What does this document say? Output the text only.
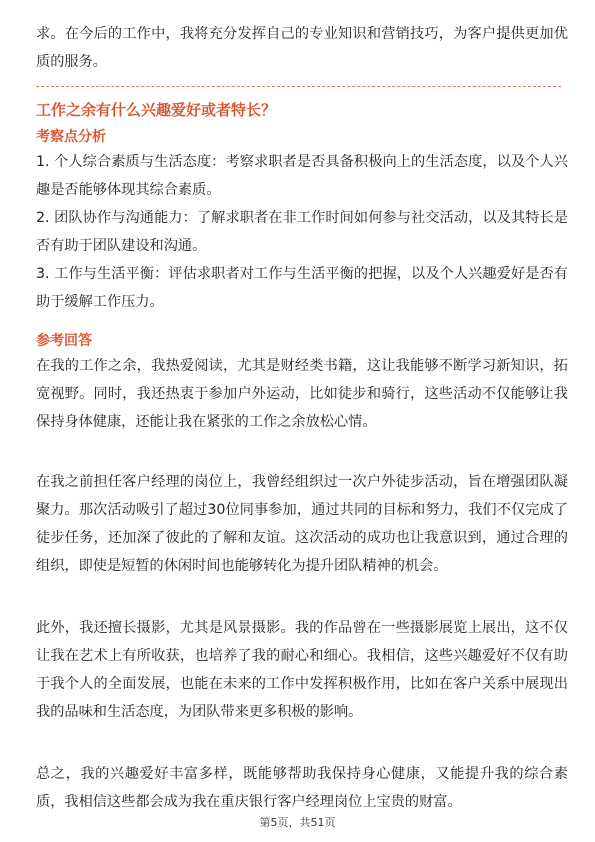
求。在今后的工作中，我将充分发挥自己的专业知识和营销技巧，为客户提供更加优质的服务。

工作之余有什么兴趣爱好或者特长？
考察点分析

1. 个人综合素质与生活态度：考察求职者是否具备积极向上的生活态度，以及个人兴趣是否能够体现其综合素质。

2. 团队协作与沟通能力：了解求职者在非工作时间如何参与社交活动，以及其特长是否有助于团队建设和沟通。

3. 工作与生活平衡：评估求职者对工作与生活平衡的把握，以及个人兴趣爱好是否有助于缓解工作压力。

参考回答

在我的工作之余，我热爱阅读，尤其是财经类书籍，这让我能够不断学习新知识，拓宽视野。同时，我还热衷于参加户外运动，比如徒步和骑行，这些活动不仅能够让我保持身体健康，还能让我在紧张的工作之余放松心情。

在我之前担任客户经理的岗位上，我曾经组织过一次户外徒步活动，旨在增强团队凝聚力。那次活动吸引了超过30位同事参加，通过共同的目标和努力，我们不仅完成了徒步任务，还加深了彼此的了解和友谊。这次活动的成功也让我意识到，通过合理的组织，即使是短暂的休闲时间也能够转化为提升团队精神的机会。

此外，我还擅长摄影，尤其是风景摄影。我的作品曾在一些摄影展览上展出，这不仅让我在艺术上有所收获，也培养了我的耐心和细心。我相信，这些兴趣爱好不仅有助于我个人的全面发展，也能在未来的工作中发挥积极作用，比如在客户关系中展现出我的品味和生活态度，为团队带来更多积极的影响。

总之，我的兴趣爱好丰富多样，既能够帮助我保持身心健康，又能提升我的综合素质，我相信这些都会成为我在重庆银行客户经理岗位上宝贵的财富。

第5页，共51页
